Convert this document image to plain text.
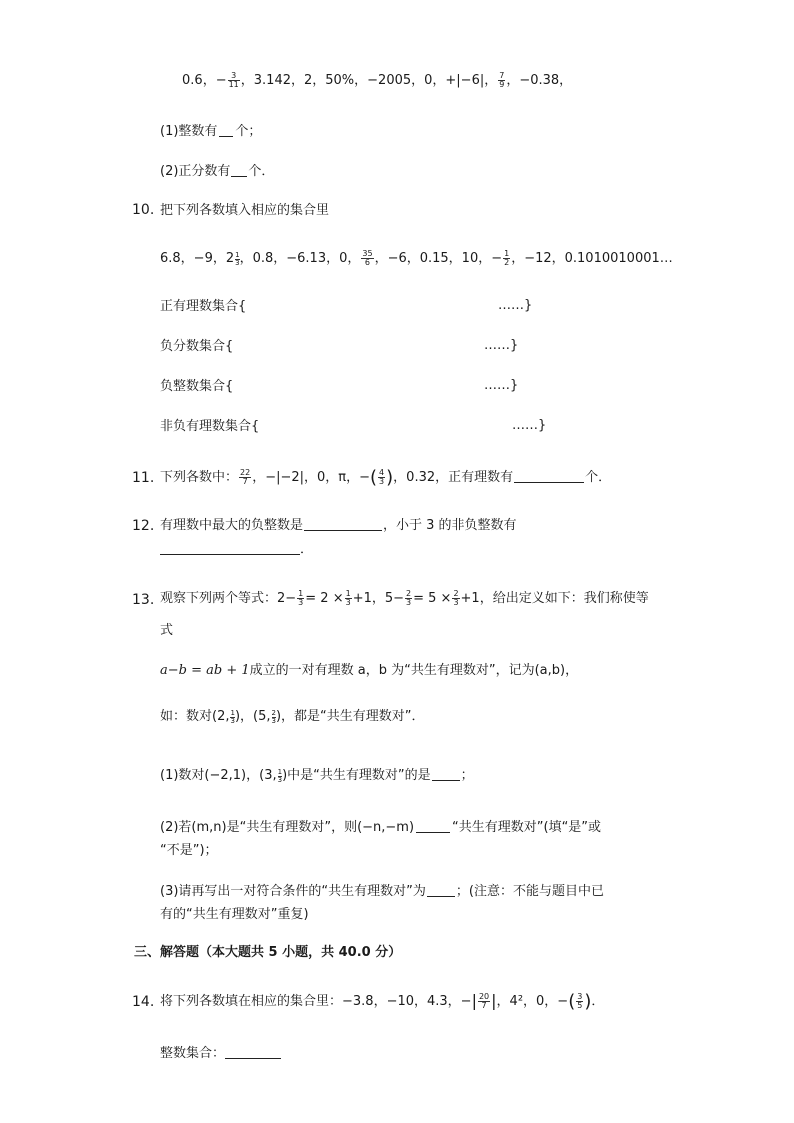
0.6，− $\frac{3}{11}$ ，3.142，2，50%，−2005，0，+|−6|， $\frac{7}{9}$ ，−0.38，
(1)整数有 个；
(2)正分数有 个．
10. 把下列各数填入相应的集合里
6.8，−9，$2 \frac{1}{3}$ ，0.8，−6.13，0， $\frac{35}{6}$ ，−6，0.15，10，− $\frac{1}{2}$ ，−12，0.1010010001…
正有理数集合{	……}
负分数集合{	……}
负整数集合{	……}
非负有理数集合{	……}
11. 下列各数中： $\frac{22}{7}$ ，−|−2|，0，π，−( $\frac{4}{3}$ )，0.32，正有理数有	个．
12. 有理数中最大的负整数是	，小于 3 的非负整数有
．
13. 观察下列两个等式：$2- \frac{1}{3} = 2 \times \frac{1}{3} +1$，$5- \frac{2}{3} = 5 \times \frac{2}{3} +1$，给出定义如下：我们称使等
式
a−b = ab + 1成立的一对有理数 a，b 为“共生有理数对”，记为(a,b)，
如：数对(2, $\frac{1}{3}$ )，(5, $\frac{2}{3}$ )，都是“共生有理数对”．
(1)数对(−2,1)，(3, $\frac{1}{3}$ )中是“共生有理数对”的是 ；
(2)若(m,n)是“共生有理数对”，则(−n,−m)	“共生有理数对”(填“是”或
“不是”)；
(3)请再写出一对符合条件的“共生有理数对”为 ；(注意：不能与题目中已
有的“共生有理数对”重复)
三、解答题（本大题共 5 小题，共 40.0 分）
14. 将下列各数填在相应的集合里：−3.8，−10，4.3，−| $\frac{20}{7}$ |，4²，0，−( $\frac{3}{5}$ )．
整数集合：
